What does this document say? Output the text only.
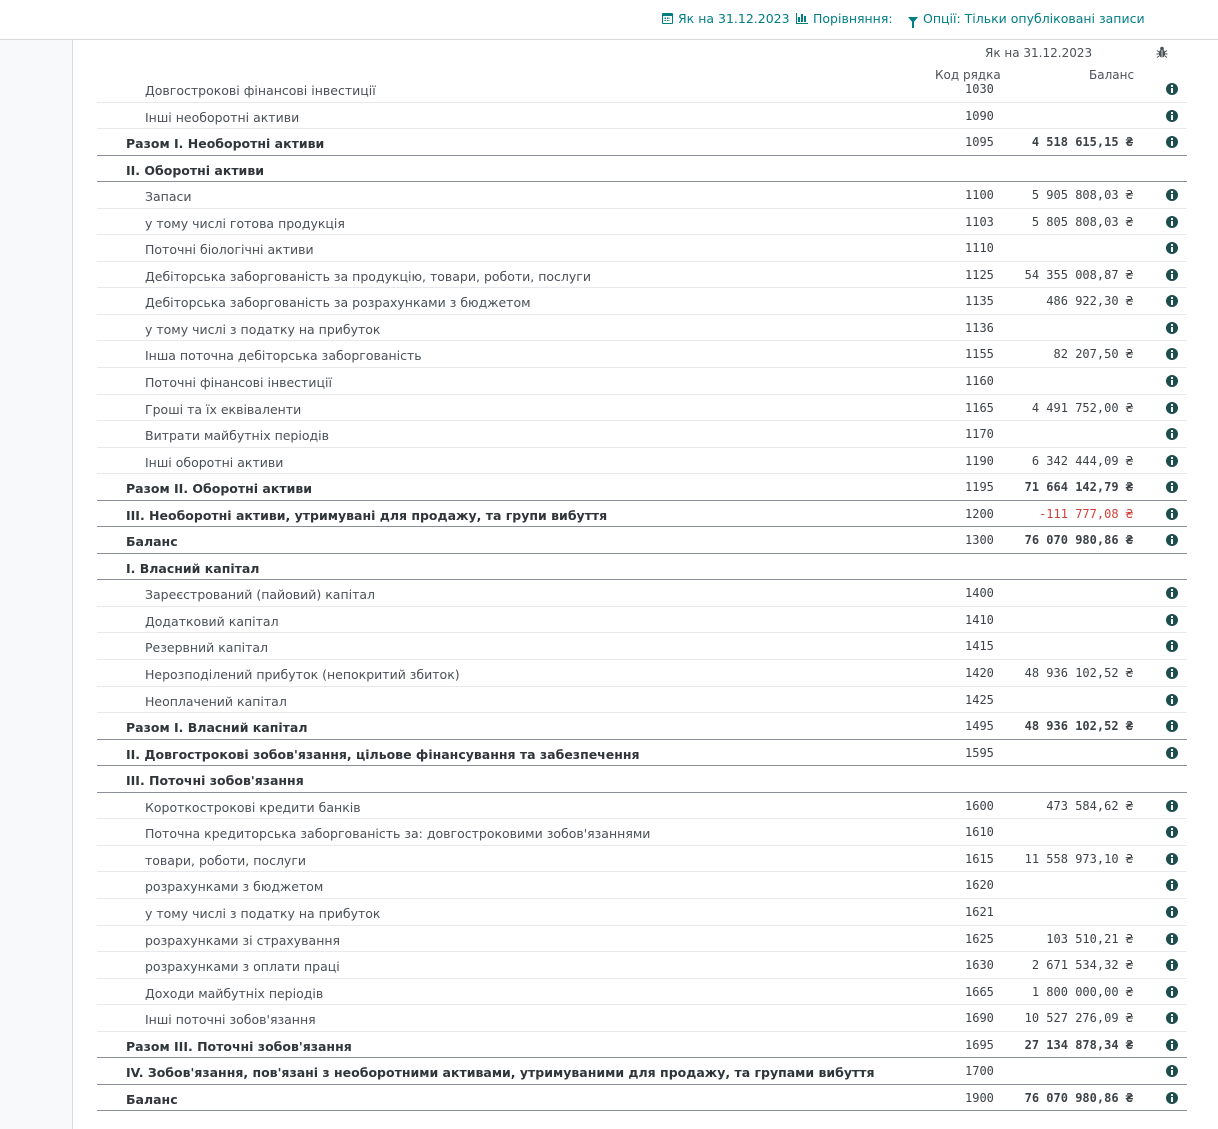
Як на 31.12.2023 Порівняння: Опції: Тільки опубліковані записи
Як на 31.12.2023
Код рядка	Баланс
Довгострокові фінансові інвестиції	1030
Інші необоротні активи	1090
Разом I. Необоротні активи	1095	4 518 615,15 ₴
II. Оборотні активи
Запаси	1100	5 905 808,03 ₴
у тому числі готова продукція	1103	5 805 808,03 ₴
Поточні біологічні активи	1110
Дебіторська заборгованість за продукцію, товари, роботи, послуги	1125	54 355 008,87 ₴
Дебіторська заборгованість за розрахунками з бюджетом	1135	486 922,30 ₴
у тому числі з податку на прибуток	1136
Інша поточна дебіторська заборгованість	1155	82 207,50 ₴
Поточні фінансові інвестиції	1160
Гроші та їх еквіваленти	1165	4 491 752,00 ₴
Витрати майбутніх періодів	1170
Інші оборотні активи	1190	6 342 444,09 ₴
Разом II. Оборотні активи	1195	71 664 142,79 ₴
III. Необоротні активи, утримувані для продажу, та групи вибуття	1200	-111 777,08 ₴
Баланс	1300	76 070 980,86 ₴
I. Власний капітал
Зареєстрований (пайовий) капітал	1400
Додатковий капітал	1410
Резервний капітал	1415
Нерозподілений прибуток (непокритий збиток)	1420	48 936 102,52 ₴
Неоплачений капітал	1425
Разом I. Власний капітал	1495	48 936 102,52 ₴
II. Довгострокові зобов'язання, цільове фінансування та забезпечення	1595
III. Поточні зобов'язання
Короткострокові кредити банків	1600	473 584,62 ₴
Поточна кредиторська заборгованість за: довгостроковими зобов'язаннями	1610
товари, роботи, послуги	1615	11 558 973,10 ₴
розрахунками з бюджетом	1620
у тому числі з податку на прибуток	1621
розрахунками зі страхування	1625	103 510,21 ₴
розрахунками з оплати праці	1630	2 671 534,32 ₴
Доходи майбутніх періодів	1665	1 800 000,00 ₴
Інші поточні зобов'язання	1690	10 527 276,09 ₴
Разом III. Поточні зобов'язання	1695	27 134 878,34 ₴
IV. Зобов'язання, пов'язані з необоротними активами, утримуваними для продажу, та групами вибуття	1700
Баланс	1900	76 070 980,86 ₴
